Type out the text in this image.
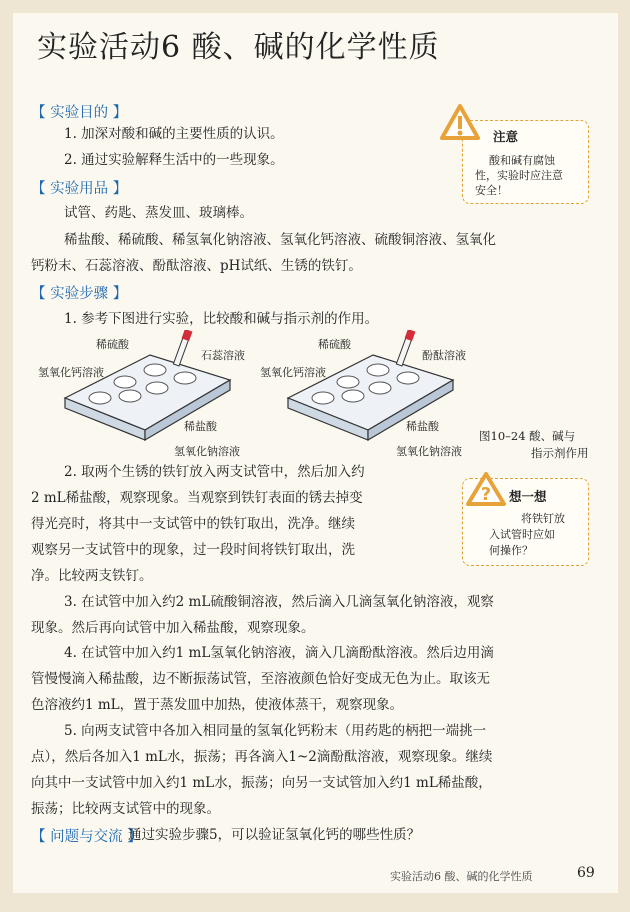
实验活动6 酸、碱的化学性质
【 实验目的 】
1. 加深对酸和碱的主要性质的认识。
2. 通过实验解释生活中的一些现象。
注意
酸和碱有腐蚀
性，实验时应注意
安全！
【 实验用品 】
试管、药匙、蒸发皿、玻璃棒。
稀盐酸、稀硫酸、稀氢氧化钠溶液、氢氧化钙溶液、硫酸铜溶液、氢氧化
钙粉末、石蕊溶液、酚酞溶液、pH试纸、生锈的铁钉。
【 实验步骤 】
1. 参考下图进行实验，比较酸和碱与指示剂的作用。
稀硫酸
石蕊溶液
氢氧化钙溶液
稀盐酸
氢氧化钠溶液
稀硫酸
酚酞溶液
氢氧化钙溶液
稀盐酸
氢氧化钠溶液
图10–24 酸、碱与
指示剂作用
2. 取两个生锈的铁钉放入两支试管中，然后加入约
2 mL稀盐酸，观察现象。当观察到铁钉表面的锈去掉变
得光亮时，将其中一支试管中的铁钉取出，洗净。继续
观察另一支试管中的现象，过一段时间将铁钉取出，洗
净。比较两支铁钉。
想一想
将铁钉放
入试管时应如
何操作？
?
3. 在试管中加入约2 mL硫酸铜溶液，然后滴入几滴氢氧化钠溶液，观察
现象。然后再向试管中加入稀盐酸，观察现象。
4. 在试管中加入约1 mL氢氧化钠溶液，滴入几滴酚酞溶液。然后边用滴
管慢慢滴入稀盐酸，边不断振荡试管，至溶液颜色恰好变成无色为止。取该无
色溶液约1 mL，置于蒸发皿中加热，使液体蒸干，观察现象。
5. 向两支试管中各加入相同量的氢氧化钙粉末（用药匙的柄把一端挑一
点），然后各加入1 mL水，振荡；再各滴入1~2滴酚酞溶液，观察现象。继续
向其中一支试管中加入约1 mL水，振荡；向另一支试管加入约1 mL稀盐酸，
振荡；比较两支试管中的现象。
【 问题与交流 】
通过实验步骤5，可以验证氢氧化钙的哪些性质？
实验活动6 酸、碱的化学性质	69
